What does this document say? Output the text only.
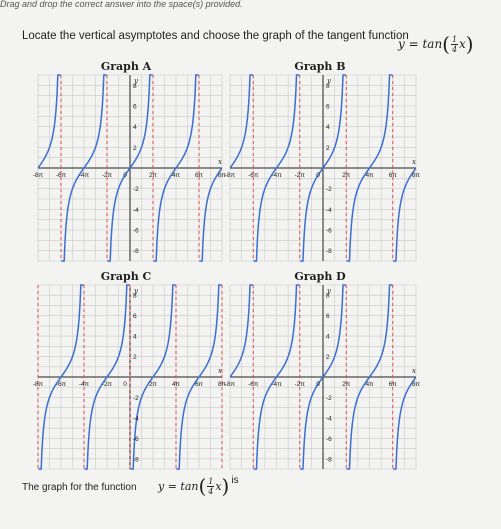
Drag and drop the correct answer into the space(s) provided.
Locate the vertical asymptotes and choose the graph of the tangent function
y = tan ( $\frac{1}{4}$ x )
Graph A	Graph B
Graph C	Graph D
-8π -6π -4π -2π 0	2π 4π 6π 8π
8
6
4
2
-2
-4
-6
-8
x
y
-8π -6π -4π -2π 0	2π 4π 6π 8π
8
6
4
2
-2
-4
-6
-8
x
y
-8π -6π -4π -2π 0	2π 4π 6π 8π
8
6
4
2
-2
-4
-6
-8
x
y
-8π -6π -4π -2π 0	2π 4π 6π 8π
8
6
4
2
-2
-4
-6
-8
x
y
The graph for the function y = tan ( $\frac{1}{4}$ x ) is
